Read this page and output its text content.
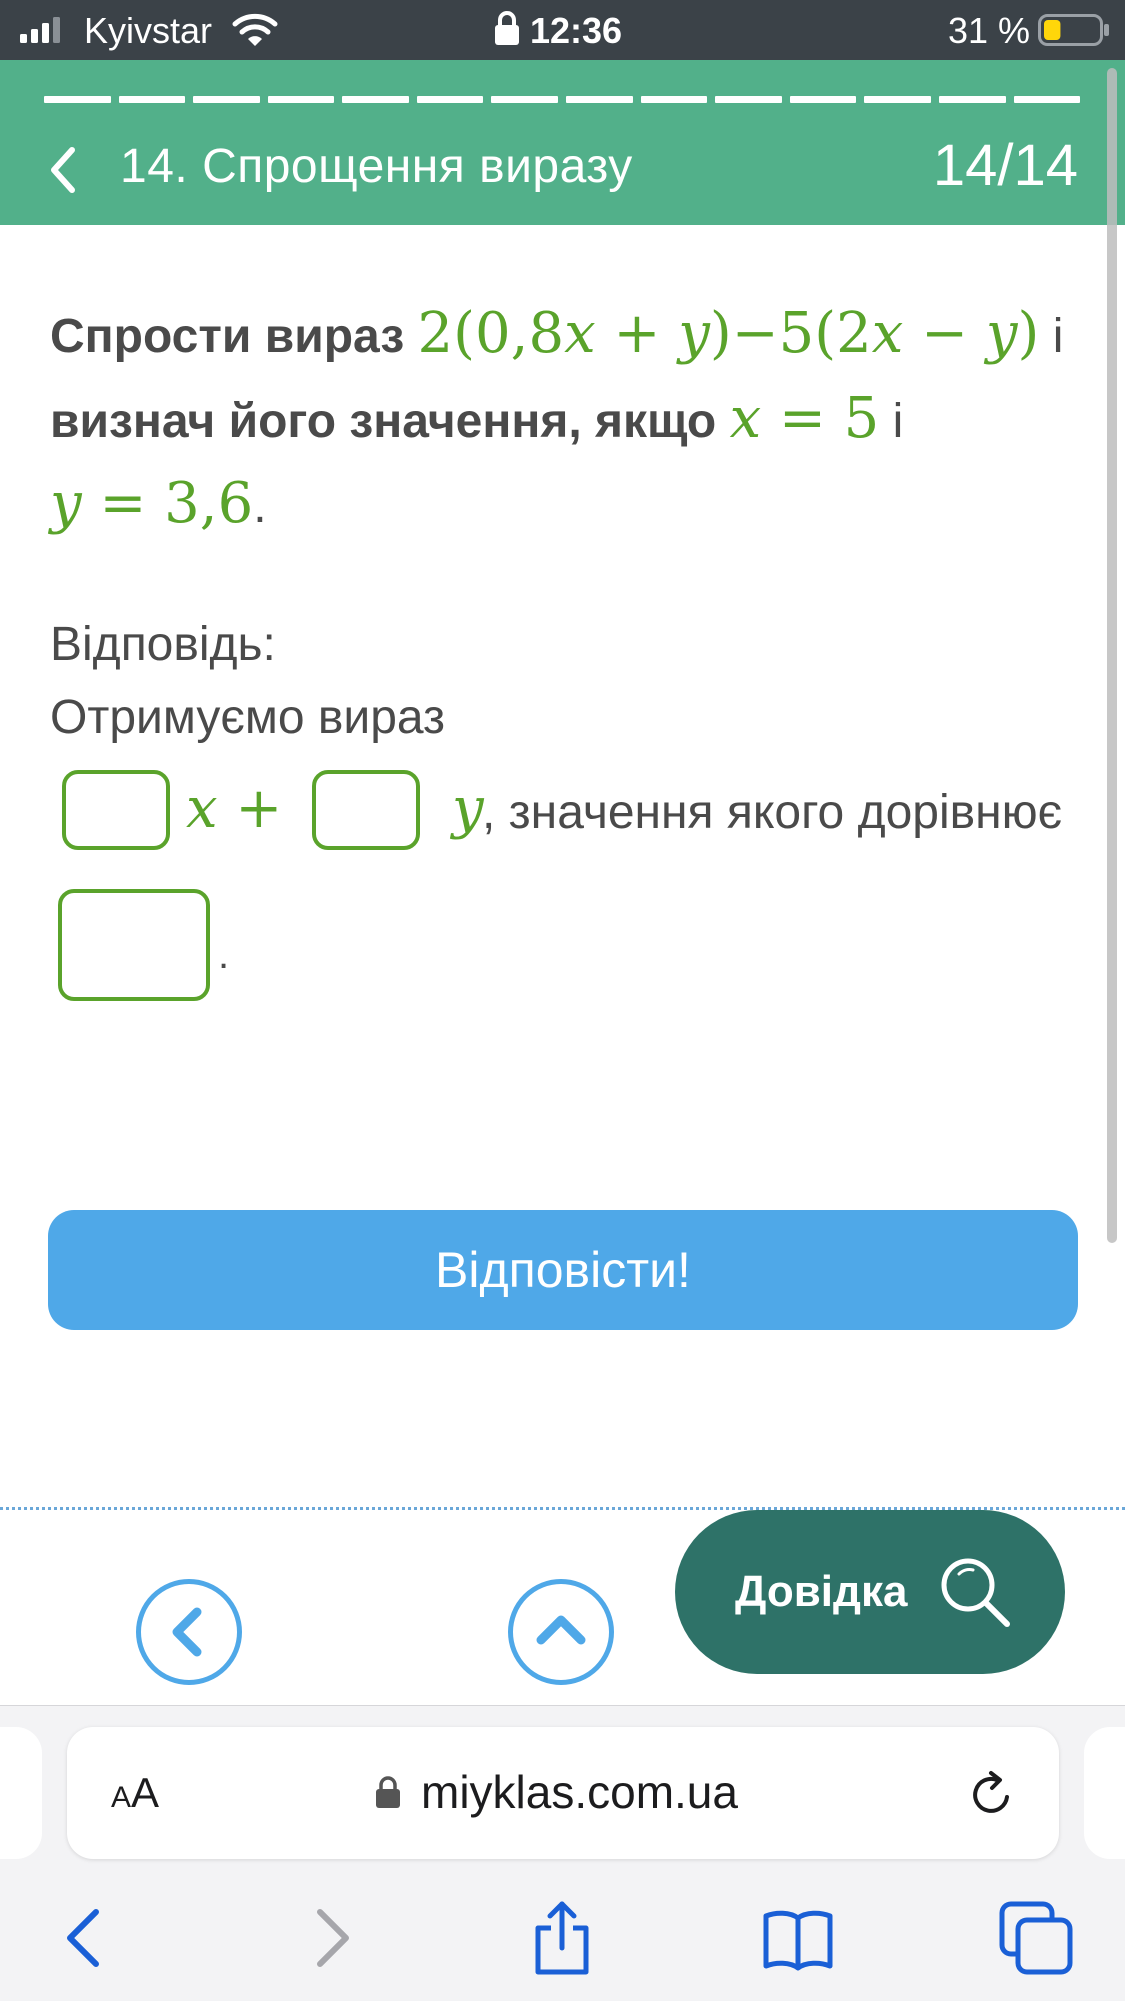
Kyivstar	12:36	31 %
14. Спрощення виразу	14/14
Спрости вираз 2(0,8x + y)−5(2x − y) і визнач його значення, якщо x = 5 і
y = 3,6.
Відповідь:
Отримуємо вираз
x +	y
, значення якого дорівнює
.
Відповісти!
Довідка
AA	miyklas.com.ua
